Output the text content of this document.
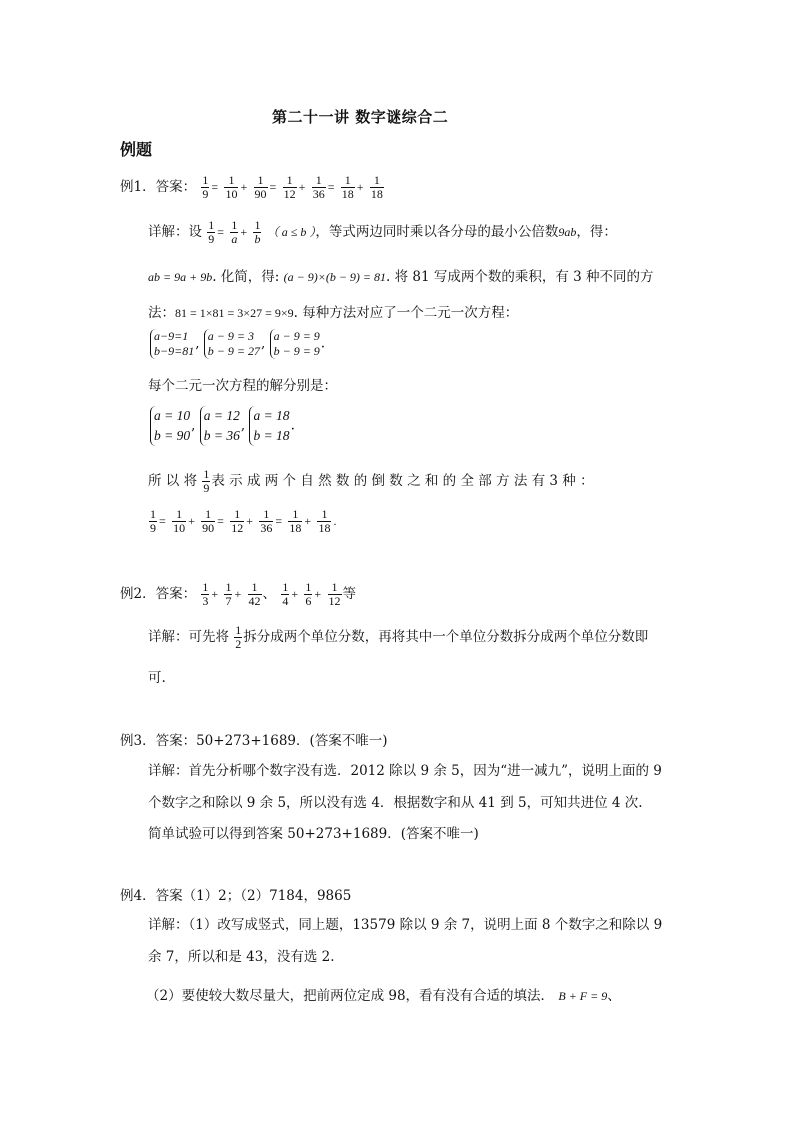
第二十一讲 数字谜综合二
例题
例1．答案： $\frac{1}{9} = \frac{1}{10} + \frac{1}{90} = \frac{1}{12} + \frac{1}{36} = \frac{1}{18} + \frac{1}{18}$
详解：设 $\frac{1}{9} = \frac{1}{a} + \frac{1}{b}$ （ a ≤ b ），等式两边同时乘以各分母的最小公倍数9ab，得：
ab = 9a + 9b. 化简，得: (a − 9)×(b − 9) = 81. 将 81 写成两个数的乘积，有 3 种不同的方
法：81 = 1×81 = 3×27 = 9×9. 每种方法对应了一个二元一次方程：
a−9=1
b−9=81 , a − 9 = 3
b − 9 = 27 , a − 9 = 9
b − 9 = 9 .
每个二元一次方程的解分别是：
a = 10
b = 90
,
a = 12
b = 36
,
a = 18
b = 18
.
所 以 将 $\frac{1}{9}$ 表 示 成 两 个 自 然 数 的 倒 数 之 和 的 全 部 方 法 有 3 种 ：
$\frac{1}{9} = \frac{1}{10} + \frac{1}{90} = \frac{1}{12} + \frac{1}{36} = \frac{1}{18} + \frac{1}{18}$ .
例2．答案： $\frac{1}{3} + \frac{1}{7} + \frac{1}{42}$ 、 $\frac{1}{4} + \frac{1}{6} + \frac{1}{12}$ 等
详解：可先将 $\frac{1}{2}$ 拆分成两个单位分数，再将其中一个单位分数拆分成两个单位分数即
可.
例3．答案：50+273+1689．(答案不唯一)
详解：首先分析哪个数字没有选．2012 除以 9 余 5，因为“进一减九”，说明上面的 9
个数字之和除以 9 余 5，所以没有选 4．根据数字和从 41 到 5，可知共进位 4 次.
简单试验可以得到答案 50+273+1689．(答案不唯一)
例4．答案（1）2；（2）7184，9865
详解：（1）改写成竖式，同上题，13579 除以 9 余 7，说明上面 8 个数字之和除以 9
余 7，所以和是 43，没有选 2.
（2）要使较大数尽量大，把前两位定成 98，看有没有合适的填法． B + F = 9、
